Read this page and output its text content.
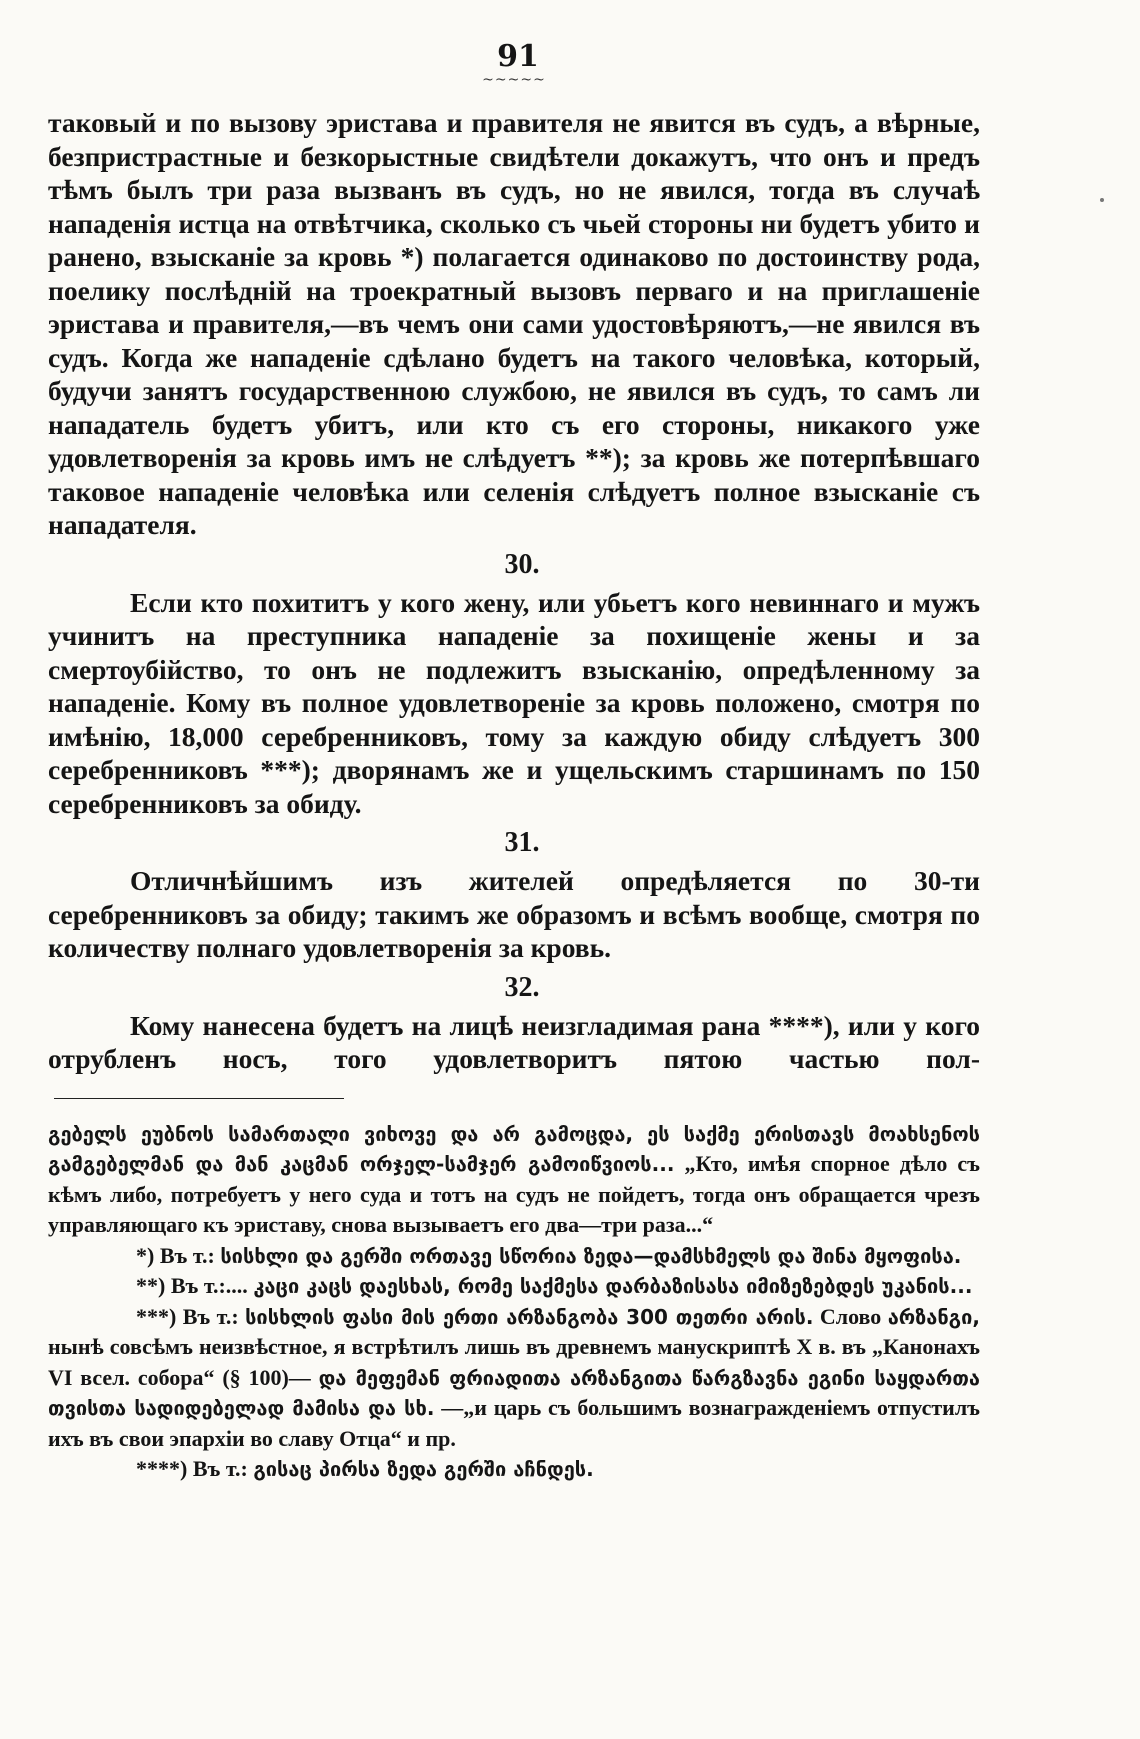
91
~~~~~

таковый и по вызову эристава и правителя не явится въ судъ, а вѣрные, безпристрастные и безкорыстные свидѣтели докажутъ, что онъ и предъ тѣмъ былъ три раза вызванъ въ судъ, но не явился, тогда въ случаѣ нападенія истца на отвѣтчика, сколько съ чьей стороны ни будетъ убито и ранено, взысканіе за кровь *) полагается одинаково по достоинству рода, поелику послѣдній на троекратный вызовъ перваго и на приглашеніе эристава и правителя,—въ чемъ они сами удостовѣряютъ,—не явился въ судъ. Когда же нападеніе сдѣлано будетъ на такого человѣка, который, будучи занятъ государственною службою, не явился въ судъ, то самъ ли нападатель будетъ убитъ, или кто съ его стороны, никакого уже удовлетворенія за кровь имъ не слѣдуетъ **); за кровь же потерпѣвшаго таковое нападеніе человѣка или селенія слѣдуетъ полное взысканіе съ нападателя.

30.

Если кто похититъ у кого жену, или убьетъ кого невиннаго и мужъ учинитъ на преступника нападеніе за похищеніе жены и за смертоубійство, то онъ не подлежитъ взысканію, опредѣленному за нападеніе. Кому въ полное удовлетвореніе за кровь положено, смотря по имѣнію, 18,000 серебренниковъ, тому за каждую обиду слѣдуетъ 300 серебренниковъ ***); дворянамъ же и ущельскимъ старшинамъ по 150 серебренниковъ за обиду.

31.

Отличнѣйшимъ изъ жителей опредѣляется по 30-ти серебренниковъ за обиду; такимъ же образомъ и всѣмъ вообще, смотря по количеству полнаго удовлетворенія за кровь.

32.

Кому нанесена будетъ на лицѣ неизгладимая рана ****), или у кого отрубленъ носъ, того удовлетворитъ пятою частью пол-

გებელს ეუბნოს სამართალი ვიხოვე და არ გამოცდა, ეს საქმე ერისთავს მოახსენოს გამგებელმან და მან კაცმან ორჯელ-სამჯერ გამოიწვიოს... „Кто, имѣя спорное дѣло съ кѣмъ либо, потребуетъ у него суда и тотъ на судъ не пойдетъ, тогда онъ обращается чрезъ управляющаго къ эриставу, снова вызываетъ его два—три раза...“

*) Въ т.: სისხლი და გერში ორთავე სწორია ზედა—დამსხმელს და შინა მყოფისა.

**) Въ т.:.... კაცი კაცს დაესხას, რომე საქმესა დარბაზისასა იმიზეზებდეს უკანის...

***) Въ т.: სისხლის ფასი მის ერთი არზანგობა 300 თეთრი არის. Слово არზანგი, нынѣ совсѣмъ неизвѣстное, я встрѣтилъ лишь въ древнемъ манускриптѣ X в. въ „Канонахъ VI всел. собора“ (§ 100)— და მეფემან ფრიადითა არზანგითა წარგზავნა ეგინი საყდართა თვისთა სადიდებელად მამისა და სხ. —„и царь съ большимъ вознагражденіемъ отпустилъ ихъ въ свои эпархіи во славу Отца“ и пр.

****) Въ т.: გისაც პირსა ზედა გერში აჩნდეს.
